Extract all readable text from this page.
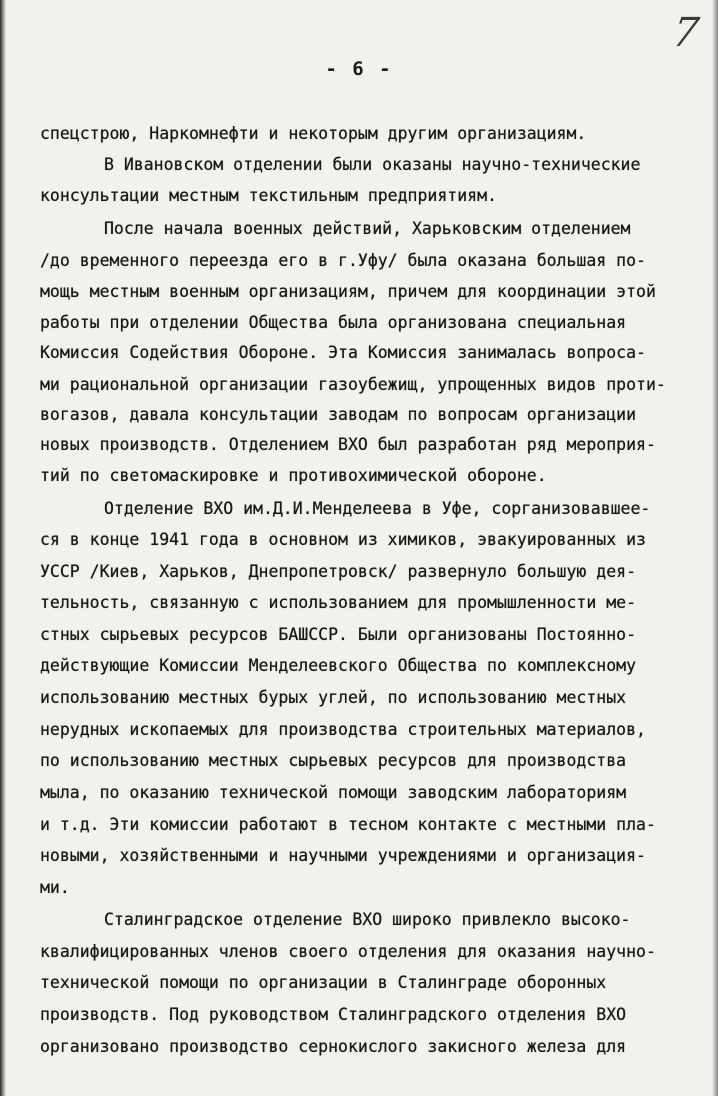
- 6 -
7
спецстрою, Наркомнефти и некоторым другим организациям.
В Ивановском отделении были оказаны научно-технические
консультации местным текстильным предприятиям.
После начала военных действий, Харьковским отделением
/до временного переезда его в г.Уфу/ была оказана большая по-
мощь местным военным организациям, причем для координации этой
работы при отделении Общества была организована специальная
Комиссия Содействия Обороне. Эта Комиссия занималась вопроса-
ми рациональной организации газоубежищ, упрощенных видов проти-
вогазов, давала консультации заводам по вопросам организации
новых производств. Отделением ВХО был разработан ряд мероприя-
тий по светомаскировке и противохимической обороне.
Отделение ВХО им.Д.И.Менделеева в Уфе, сорганизовавшее-
ся в конце 1941 года в основном из химиков, эвакуированных из
УССР /Киев, Харьков, Днепропетровск/ развернуло большую дея-
тельность, связанную с использованием для промышленности ме-
стных сырьевых ресурсов БАШССР. Были организованы Постоянно-
действующие Комиссии Менделеевского Общества по комплексному
использованию местных бурых углей, по использованию местных
нерудных ископаемых для производства строительных материалов,
по использованию местных сырьевых ресурсов для производства
мыла, по оказанию технической помощи заводским лабораториям
и т.д. Эти комиссии работают в тесном контакте с местными пла-
новыми, хозяйственными и научными учреждениями и организация-
ми.
Сталинградское отделение ВХО широко привлекло высоко-
квалифицированных членов своего отделения для оказания научно-
технической помощи по организации в Сталинграде оборонных
производств. Под руководством Сталинградского отделения ВХО
организовано производство сернокислого закисного железа для
